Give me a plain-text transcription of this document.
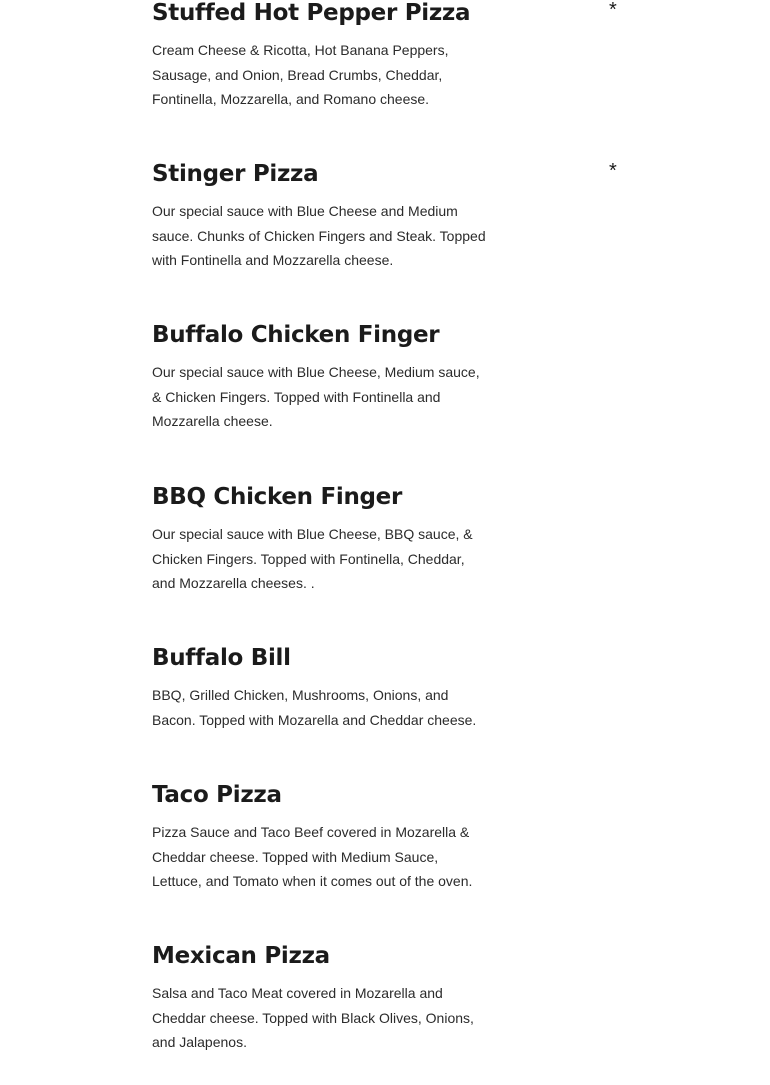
Stuffed Hot Pepper Pizza	*

Cream Cheese & Ricotta, Hot Banana Peppers,
Sausage, and Onion, Bread Crumbs, Cheddar,
Fontinella, Mozzarella, and Romano cheese.

Stinger Pizza	*

Our special sauce with Blue Cheese and Medium
sauce. Chunks of Chicken Fingers and Steak. Topped
with Fontinella and Mozzarella cheese.

Buffalo Chicken Finger

Our special sauce with Blue Cheese, Medium sauce,
& Chicken Fingers. Topped with Fontinella and
Mozzarella cheese.

BBQ Chicken Finger

Our special sauce with Blue Cheese, BBQ sauce, &
Chicken Fingers. Topped with Fontinella, Cheddar,
and Mozzarella cheeses. .

Buffalo Bill

BBQ, Grilled Chicken, Mushrooms, Onions, and
Bacon. Topped with Mozarella and Cheddar cheese.

Taco Pizza

Pizza Sauce and Taco Beef covered in Mozarella &
Cheddar cheese. Topped with Medium Sauce,
Lettuce, and Tomato when it comes out of the oven.

Mexican Pizza

Salsa and Taco Meat covered in Mozarella and
Cheddar cheese. Topped with Black Olives, Onions,
and Jalapenos.
